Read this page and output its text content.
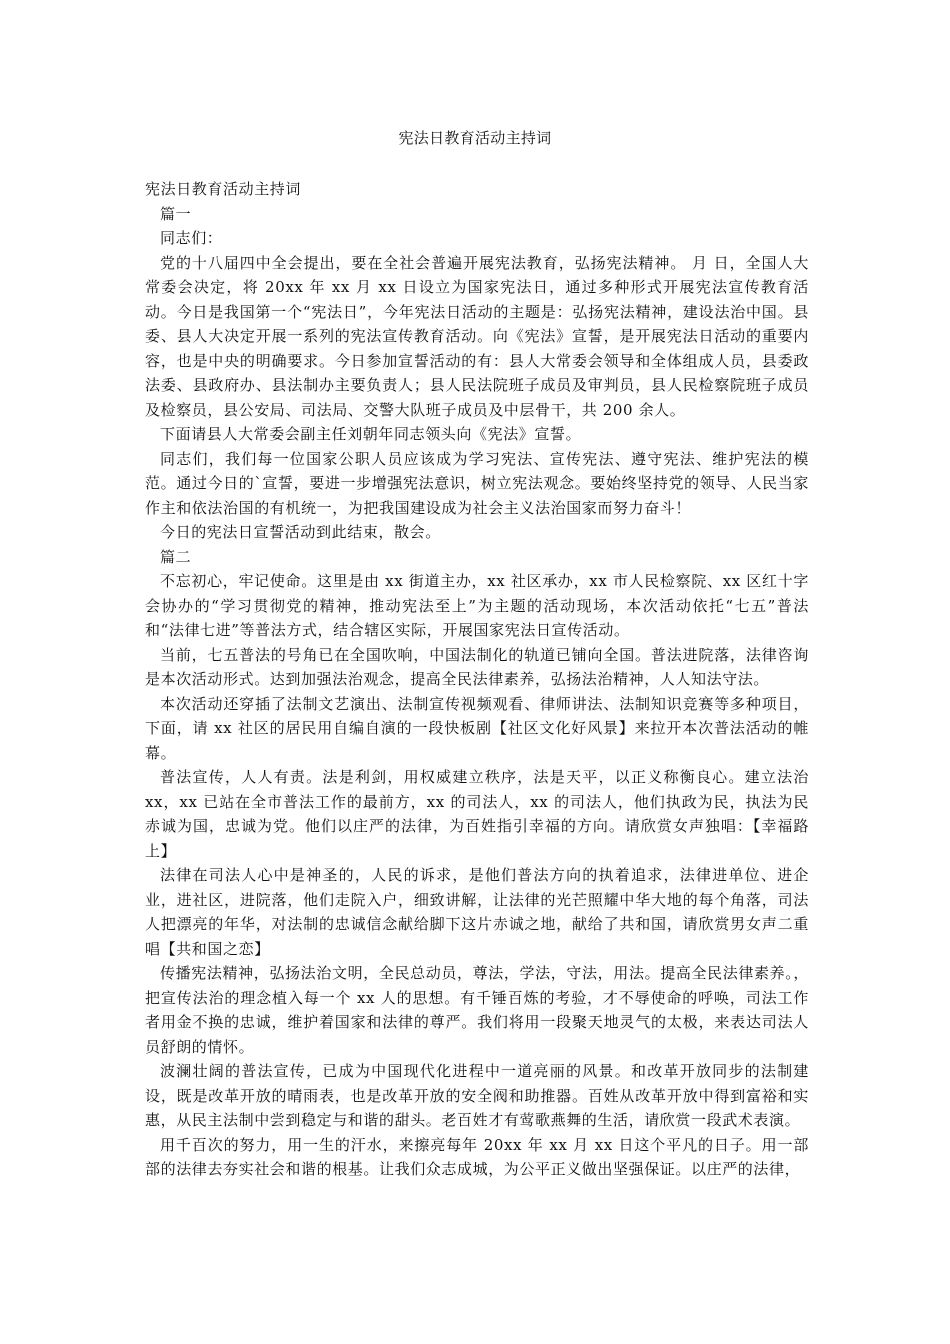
宪法日教育活动主持词
宪法日教育活动主持词
篇一
同志们：

党的十八届四中全会提出，要在全社会普遍开展宪法教育，弘扬宪法精神。 月 日，全国人大常委会决定，将 20xx 年 xx 月 xx 日设立为国家宪法日，通过多种形式开展宪法宣传教育活动。今日是我国第一个“宪法日”，今年宪法日活动的主题是：弘扬宪法精神，建设法治中国。县委、县人大决定开展一系列的宪法宣传教育活动。向《宪法》宣誓，是开展宪法日活动的重要内容，也是中央的明确要求。今日参加宣誓活动的有：县人大常委会领导和全体组成人员，县委政法委、县政府办、县法制办主要负责人；县人民法院班子成员及审判员，县人民检察院班子成员及检察员，县公安局、司法局、交警大队班子成员及中层骨干，共 200 余人。

下面请县人大常委会副主任刘朝年同志领头向《宪法》宣誓。

同志们，我们每一位国家公职人员应该成为学习宪法、宣传宪法、遵守宪法、维护宪法的模范。通过今日的`宣誓，要进一步增强宪法意识，树立宪法观念。要始终坚持党的领导、人民当家作主和依法治国的有机统一，为把我国建设成为社会主义法治国家而努力奋斗！

今日的宪法日宣誓活动到此结束，散会。

篇二

不忘初心，牢记使命。这里是由 xx 街道主办，xx 社区承办，xx 市人民检察院、xx 区红十字会协办的“学习贯彻党的精神，推动宪法至上”为主题的活动现场，本次活动依托“七五”普法和“法律七进”等普法方式，结合辖区实际，开展国家宪法日宣传活动。

当前，七五普法的号角已在全国吹响，中国法制化的轨道已铺向全国。普法进院落，法律咨询是本次活动形式。达到加强法治观念，提高全民法律素养，弘扬法治精神，人人知法守法。

本次活动还穿插了法制文艺演出、法制宣传视频观看、律师讲法、法制知识竞赛等多种项目，下面，请 xx 社区的居民用自编自演的一段快板剧【社区文化好风景】来拉开本次普法活动的帷幕。

普法宣传，人人有责。法是利剑，用权威建立秩序，法是天平，以正义称衡良心。建立法治 xx，xx 已站在全市普法工作的最前方，xx 的司法人，xx 的司法人，他们执政为民，执法为民赤诚为国，忠诚为党。他们以庄严的法律，为百姓指引幸福的方向。请欣赏女声独唱：【幸福路上】

法律在司法人心中是神圣的，人民的诉求，是他们普法方向的执着追求，法律进单位、进企业，进社区，进院落，他们走院入户，细致讲解，让法律的光芒照耀中华大地的每个角落，司法人把漂亮的年华，对法制的忠诚信念献给脚下这片赤诚之地，献给了共和国，请欣赏男女声二重唱【共和国之恋】

传播宪法精神，弘扬法治文明，全民总动员，尊法，学法，守法，用法。提高全民法律素养。，把宣传法治的理念植入每一个 xx 人的思想。有千锤百炼的考验，才不辱使命的呼唤，司法工作者用金不换的忠诚，维护着国家和法律的尊严。我们将用一段聚天地灵气的太极，来表达司法人员舒朗的情怀。

波澜壮阔的普法宣传，已成为中国现代化进程中一道亮丽的风景。和改革开放同步的法制建设，既是改革开放的晴雨表，也是改革开放的安全阀和助推器。百姓从改革开放中得到富裕和实惠，从民主法制中尝到稳定与和谐的甜头。老百姓才有莺歌燕舞的生活，请欣赏一段武术表演。

用千百次的努力，用一生的汗水，来擦亮每年 20xx 年 xx 月 xx 日这个平凡的日子。用一部部的法律去夯实社会和谐的根基。让我们众志成城，为公平正义做出坚强保证。以庄严的法律，
